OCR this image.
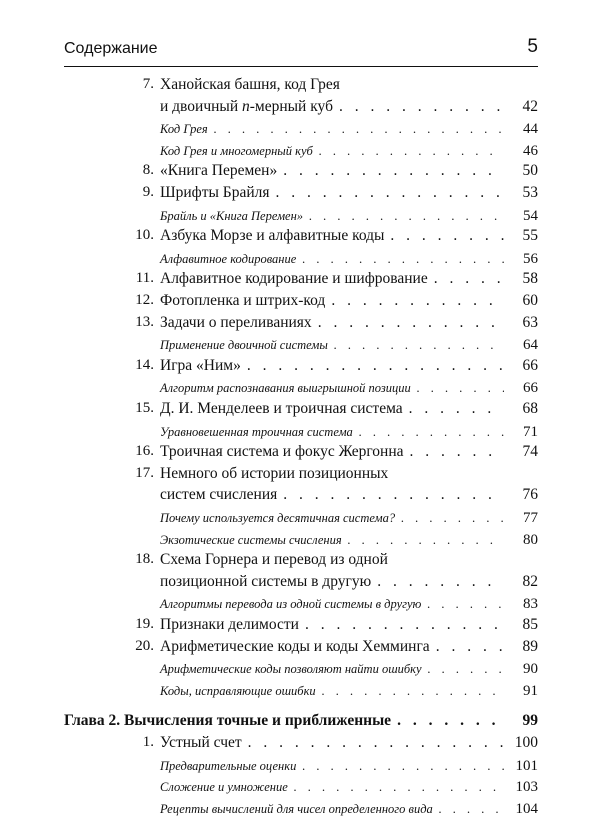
Содержание	5
7. Ханойская башня, код Грея
и двоичный n-мерный куб . . .	42
Код Грея . . .	44
Код Грея и многомерный куб . . .	46
8. «Книга Перемен» . . .	50
9. Шрифты Брайля . . .	53
Брайль и «Книга Перемен» . . .	54
10. Азбука Морзе и алфавитные коды . . .	55
Алфавитное кодирование . . .	56
11. Алфавитное кодирование и шифрование . . .	58
12. Фотопленка и штрих-код . . .	60
13. Задачи о переливаниях . . .	63
Применение двоичной системы . . .	64
14. Игра «Ним» . . .	66
Алгоритм распознавания выигрышной позиции . . .	66
15. Д. И. Менделеев и троичная система . . .	68
Уравновешенная троичная система . . .	71
16. Троичная система и фокус Жергонна . . .	74
17. Немного об истории позиционных
систем счисления . . .	76
Почему используется десятичная система? . . .	77
Экзотические системы счисления . . .	80
18. Схема Горнера и перевод из одной
позиционной системы в другую . . .	82
Алгоритмы перевода из одной системы в другую . . .	83
19. Признаки делимости . . .	85
20. Арифметические коды и коды Хемминга . . .	89
Арифметические коды позволяют найти ошибку . . .	90
Коды, исправляющие ошибки . . .	91
Глава 2. Вычисления точные и приближенные . . .	99
1. Устный счет . . .	100
Предварительные оценки . . .	101
Сложение и умножение . . .	103
Рецепты вычислений для чисел определенного вида . . .	104
